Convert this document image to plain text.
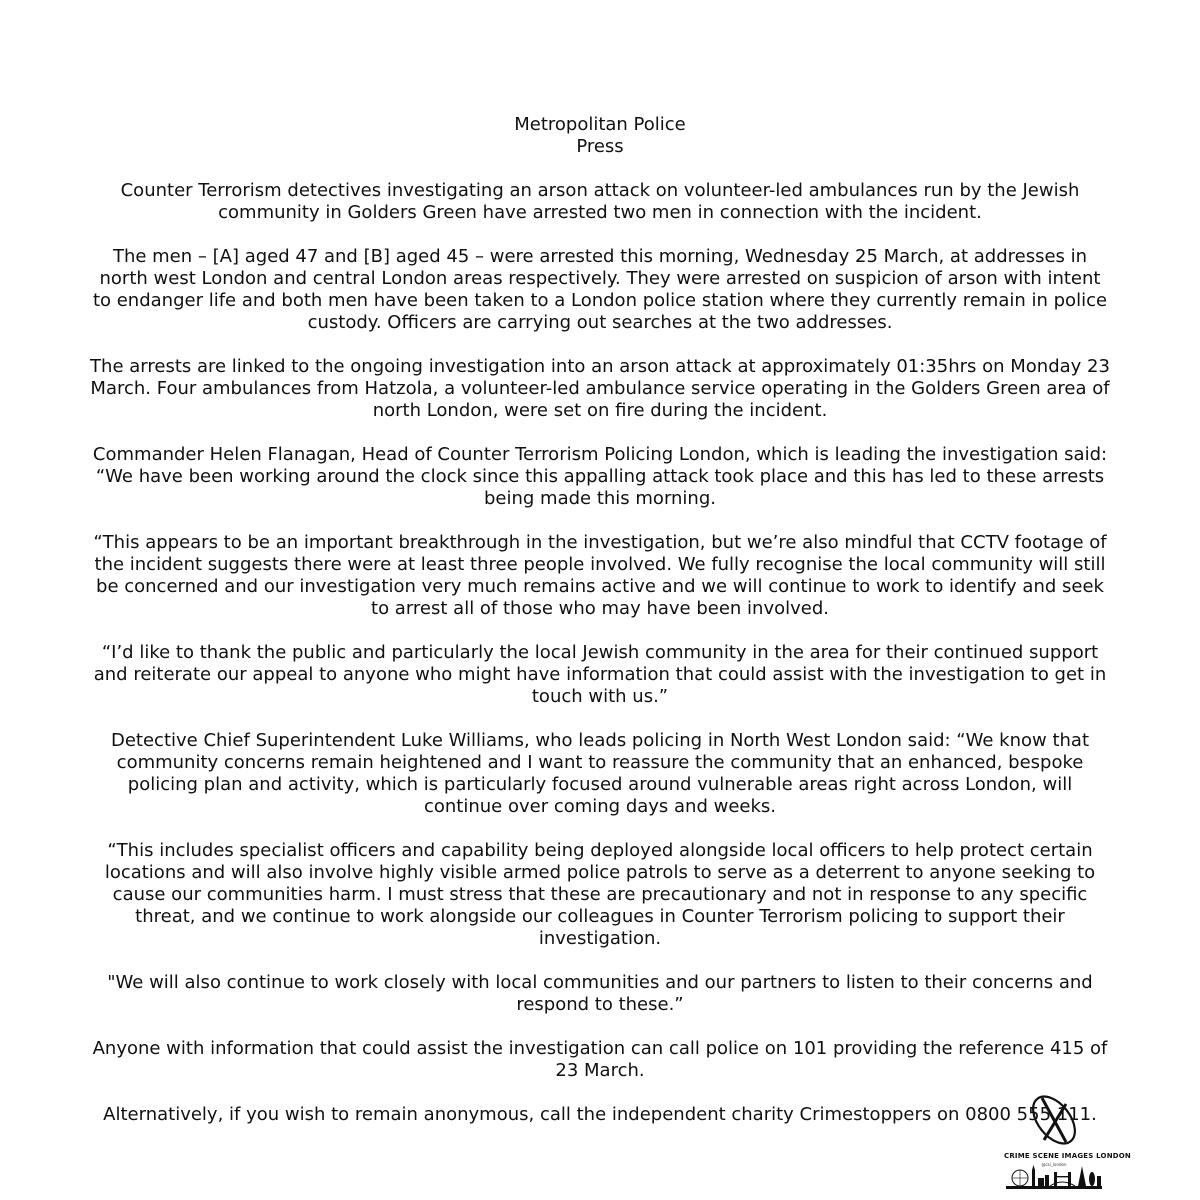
Metropolitan Police

Press

Counter Terrorism detectives investigating an arson attack on volunteer-led ambulances run by the Jewish community in Golders Green have arrested two men in connection with the incident.

The men – [A] aged 47 and [B] aged 45 – were arrested this morning, Wednesday 25 March, at addresses in north west London and central London areas respectively. They were arrested on suspicion of arson with intent to endanger life and both men have been taken to a London police station where they currently remain in police custody. Officers are carrying out searches at the two addresses.

The arrests are linked to the ongoing investigation into an arson attack at approximately 01:35hrs on Monday 23 March. Four ambulances from Hatzola, a volunteer-led ambulance service operating in the Golders Green area of north London, were set on fire during the incident.

Commander Helen Flanagan, Head of Counter Terrorism Policing London, which is leading the investigation said: “We have been working around the clock since this appalling attack took place and this has led to these arrests being made this morning.

“This appears to be an important breakthrough in the investigation, but we’re also mindful that CCTV footage of the incident suggests there were at least three people involved. We fully recognise the local community will still be concerned and our investigation very much remains active and we will continue to work to identify and seek to arrest all of those who may have been involved.

“I’d like to thank the public and particularly the local Jewish community in the area for their continued support and reiterate our appeal to anyone who might have information that could assist with the investigation to get in touch with us.”

Detective Chief Superintendent Luke Williams, who leads policing in North West London said: “We know that community concerns remain heightened and I want to reassure the community that an enhanced, bespoke policing plan and activity, which is particularly focused around vulnerable areas right across London, will continue over coming days and weeks.

“This includes specialist officers and capability being deployed alongside local officers to help protect certain locations and will also involve highly visible armed police patrols to serve as a deterrent to anyone seeking to cause our communities harm. I must stress that these are precautionary and not in response to any specific threat, and we continue to work alongside our colleagues in Counter Terrorism policing to support their investigation.

"We will also continue to work closely with local communities and our partners to listen to their concerns and respond to these.”

Anyone with information that could assist the investigation can call police on 101 providing the reference 415 of 23 March.

Alternatively, if you wish to remain anonymous, call the independent charity Crimestoppers on 0800 555 111.

CRIME SCENE IMAGES LONDON
@csi_london
